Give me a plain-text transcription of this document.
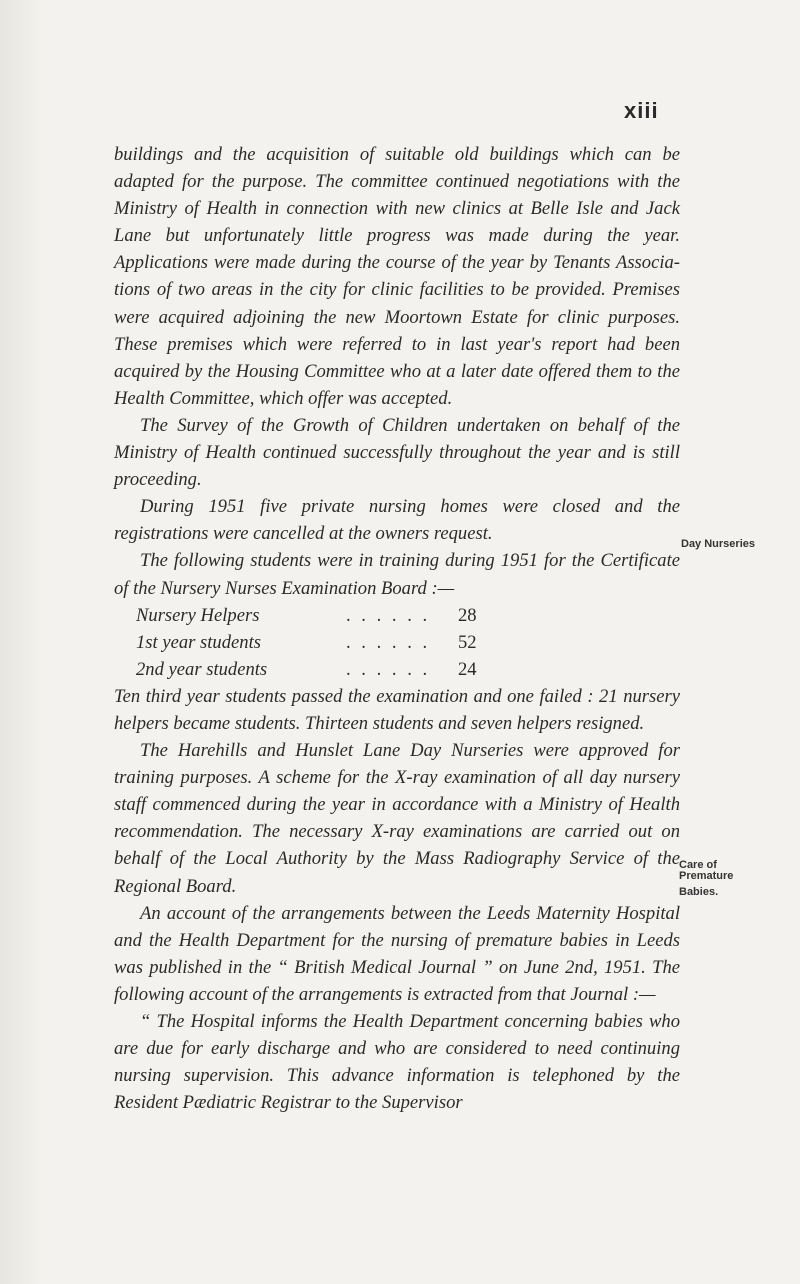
xiii

buildings and the acquisition of suitable old buildings which can be adapted for the purpose. The committee continued negotiations with the Ministry of Health in connection with new clinics at Belle Isle and Jack Lane but unfortunately little progress was made during the year. Applications were made during the course of the year by Tenants Associa- tions of two areas in the city for clinic facilities to be provided. Premises were acquired adjoining the new Moortown Estate for clinic purposes. These premises which were referred to in last year's report had been acquired by the Housing Committee who at a later date offered them to the Health Committee, which offer was accepted.

The Survey of the Growth of Children undertaken on behalf of the Ministry of Health continued successfully throughout the year and is still proceeding.

During 1951 five private nursing homes were closed and the registrations were cancelled at the owners request.

The following students were in training during 1951 for the Certificate of the Nursery Nurses Examination Board :—

Nursery Helpers	. . . . . .	28
1st year students	. . . . . .	52
2nd year students	. . . . . .	24

Ten third year students passed the examination and one failed : 21 nursery helpers became students. Thirteen students and seven helpers resigned.

The Harehills and Hunslet Lane Day Nurseries were approved for training purposes. A scheme for the X-ray examination of all day nursery staff commenced during the year in accordance with a Ministry of Health recommendation. The necessary X-ray examinations are carried out on behalf of the Local Authority by the Mass Radiography Service of the Regional Board.

An account of the arrangements between the Leeds Maternity Hospital and the Health Department for the nursing of premature babies in Leeds was published in the “ British Medical Journal ” on June 2nd, 1951. The following account of the arrangements is extracted from that Journal :—

“ The Hospital informs the Health Department concerning babies who are due for early discharge and who are considered to need continuing nursing supervision. This advance information is telephoned by the Resident Pædiatric Registrar to the Supervisor

Day Nurseries

Care of
Premature
Babies.
